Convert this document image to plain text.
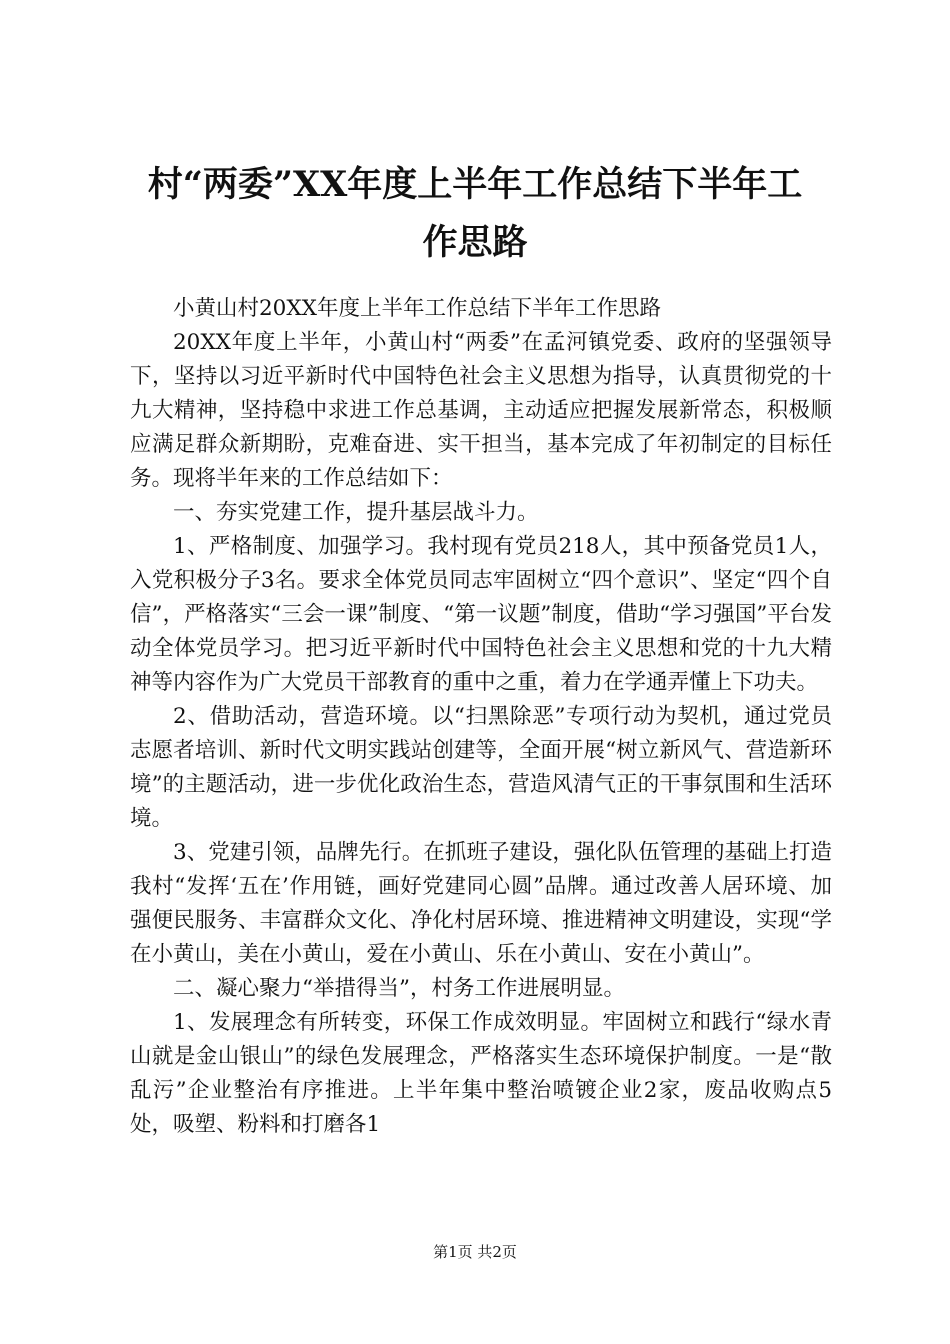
村“两委”XX年度上半年工作总结下半年工
作思路

小黄山村20XX年度上半年工作总结下半年工作思路

20XX年度上半年，小黄山村“两委”在孟河镇党委、政府的坚强领导下，坚持以习近平新时代中国特色社会主义思想为指导，认真贯彻党的十九大精神，坚持稳中求进工作总基调，主动适应把握发展新常态，积极顺应满足群众新期盼，克难奋进、实干担当，基本完成了年初制定的目标任务。现将半年来的工作总结如下：

一、夯实党建工作，提升基层战斗力。

1、严格制度、加强学习。我村现有党员218人，其中预备党员1人，入党积极分子3名。要求全体党员同志牢固树立“四个意识”、坚定“四个自信”，严格落实“三会一课”制度、“第一议题”制度，借助“学习强国”平台发动全体党员学习。把习近平新时代中国特色社会主义思想和党的十九大精神等内容作为广大党员干部教育的重中之重，着力在学通弄懂上下功夫。

2、借助活动，营造环境。以“扫黑除恶”专项行动为契机，通过党员志愿者培训、新时代文明实践站创建等，全面开展“树立新风气、营造新环境”的主题活动，进一步优化政治生态，营造风清气正的干事氛围和生活环境。

3、党建引领，品牌先行。在抓班子建设，强化队伍管理的基础上打造我村“发挥‘五在’作用链，画好党建同心圆”品牌。通过改善人居环境、加强便民服务、丰富群众文化、净化村居环境、推进精神文明建设，实现“学在小黄山，美在小黄山，爱在小黄山、乐在小黄山、安在小黄山”。

二、凝心聚力“举措得当”，村务工作进展明显。

1、发展理念有所转变，环保工作成效明显。牢固树立和践行“绿水青山就是金山银山”的绿色发展理念，严格落实生态环境保护制度。一是“散乱污”企业整治有序推进。上半年集中整治喷镀企业2家，废品收购点5处，吸塑、粉料和打磨各1

第1页 共2页
